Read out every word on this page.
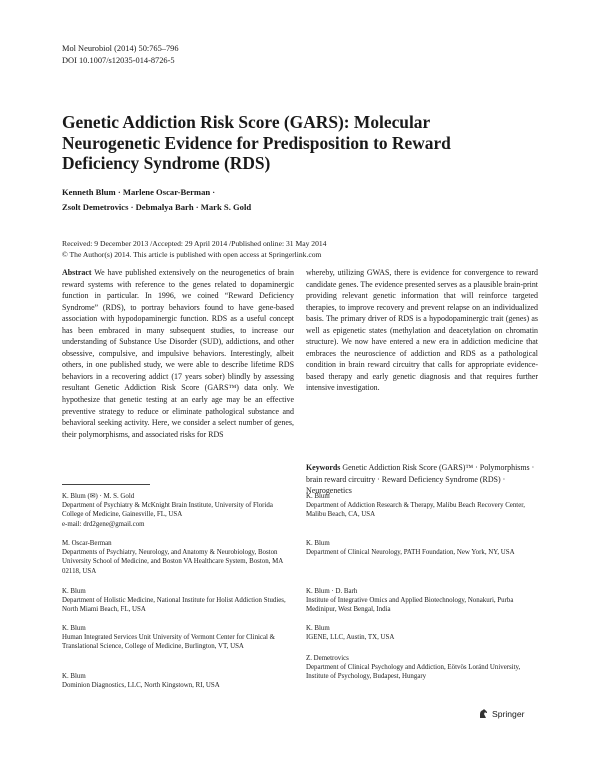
Mol Neurobiol (2014) 50:765–796
DOI 10.1007/s12035-014-8726-5
Genetic Addiction Risk Score (GARS): Molecular Neurogenetic Evidence for Predisposition to Reward Deficiency Syndrome (RDS)
Kenneth Blum · Marlene Oscar-Berman ·
Zsolt Demetrovics · Debmalya Barh · Mark S. Gold
Received: 9 December 2013 /Accepted: 29 April 2014 /Published online: 31 May 2014
© The Author(s) 2014. This article is published with open access at Springerlink.com
Abstract We have published extensively on the neurogenetics of brain reward systems with reference to the genes related to dopaminergic function in particular. In 1996, we coined “Reward Deficiency Syndrome” (RDS), to portray behaviors found to have gene-based association with hypodopaminergic function. RDS as a useful concept has been embraced in many subsequent studies, to increase our understanding of Substance Use Disorder (SUD), addictions, and other obsessive, compulsive, and impulsive behaviors. Interestingly, albeit others, in one published study, we were able to describe lifetime RDS behaviors in a recovering addict (17 years sober) blindly by assessing resultant Genetic Addiction Risk Score (GARS™) data only. We hypothesize that genetic testing at an early age may be an effective preventive strategy to reduce or eliminate pathological substance and behavioral seeking activity. Here, we consider a select number of genes, their polymorphisms, and associated risks for RDS
whereby, utilizing GWAS, there is evidence for convergence to reward candidate genes. The evidence presented serves as a plausible brain-print providing relevant genetic information that will reinforce targeted therapies, to improve recovery and prevent relapse on an individualized basis. The primary driver of RDS is a hypodopaminergic trait (genes) as well as epigenetic states (methylation and deacetylation on chromatin structure). We now have entered a new era in addiction medicine that embraces the neuroscience of addiction and RDS as a pathological condition in brain reward circuitry that calls for appropriate evidence-based therapy and early genetic diagnosis and that requires further intensive investigation.
Keywords Genetic Addiction Risk Score (GARS)™ · Polymorphisms · brain reward circuitry · Reward Deficiency Syndrome (RDS) · Neurogenetics

K. Blum (✉) · M. S. Gold

Department of Psychiatry & McKnight Brain Institute, University of Florida College of Medicine, Gainesville, FL, USA

e-mail: drd2gene@gmail.com

M. Oscar-Berman

Departments of Psychiatry, Neurology, and Anatomy & Neurobiology, Boston University School of Medicine, and Boston VA Healthcare System, Boston, MA 02118, USA

K. Blum

Department of Holistic Medicine, National Institute for Holist Addiction Studies, North Miami Beach, FL, USA

K. Blum

Human Integrated Services Unit University of Vermont Center for Clinical & Translational Science, College of Medicine, Burlington, VT, USA

K. Blum

Dominion Diagnostics, LLC, North Kingstown, RI, USA

K. Blum

Department of Addiction Research & Therapy, Malibu Beach Recovery Center, Malibu Beach, CA, USA

K. Blum

Department of Clinical Neurology, PATH Foundation, New York, NY, USA

K. Blum · D. Barh

Institute of Integrative Omics and Applied Biotechnology, Nonakuri, Purba Medinipur, West Bengal, India

K. Blum

IGENE, LLC, Austin, TX, USA

Z. Demetrovics

Department of Clinical Psychology and Addiction, Eötvös Loránd University, Institute of Psychology, Budapest, Hungary

Springer
